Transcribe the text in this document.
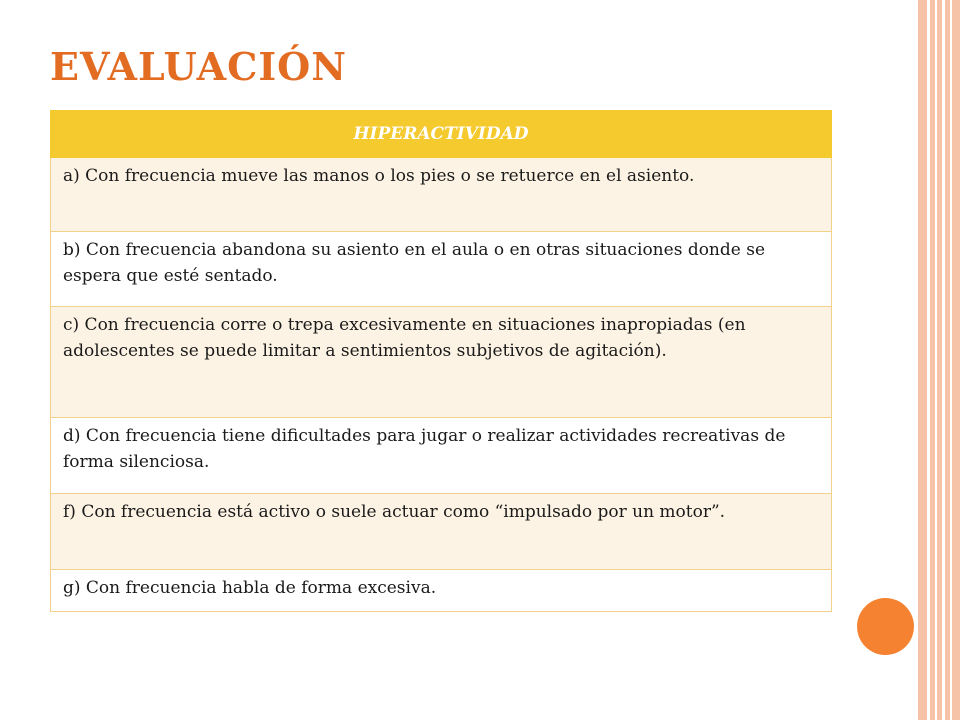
EVALUACIÓN
HIPERACTIVIDAD
a) Con frecuencia mueve las manos o los pies o se retuerce en el asiento.
b) Con frecuencia abandona su asiento en el aula o en otras situaciones donde se espera que esté sentado.
c) Con frecuencia corre o trepa excesivamente en situaciones inapropiadas (en adolescentes se puede limitar a sentimientos subjetivos de agitación).
d) Con frecuencia tiene dificultades para jugar o realizar actividades recreativas de forma silenciosa.
f) Con frecuencia está activo o suele actuar como “impulsado por un motor”.
g) Con frecuencia habla de forma excesiva.
